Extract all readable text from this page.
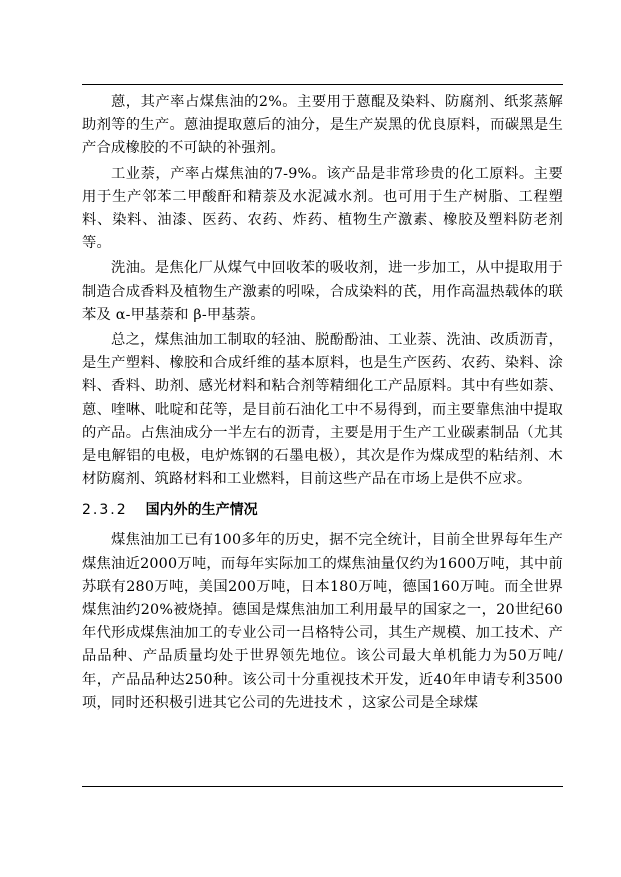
蒽，其产率占煤焦油的2%。主要用于蒽醌及染料、防腐剂、纸浆蒸解助剂等的生产。蒽油提取蒽后的油分，是生产炭黑的优良原料，而碳黑是生产合成橡胶的不可缺的补强剂。

工业萘，产率占煤焦油的7-9%。该产品是非常珍贵的化工原料。主要用于生产邻苯二甲酸酐和精萘及水泥减水剂。也可用于生产树脂、工程塑料、染料、油漆、医药、农药、炸药、植物生产激素、橡胶及塑料防老剂等。

洗油。是焦化厂从煤气中回收苯的吸收剂，进一步加工，从中提取用于制造合成香料及植物生产激素的吲哚，合成染料的芪，用作高温热载体的联苯及 α-甲基萘和 β-甲基萘。

总之，煤焦油加工制取的轻油、脱酚酚油、工业萘、洗油、改质沥青，是生产塑料、橡胶和合成纤维的基本原料，也是生产医药、农药、染料、涂料、香料、助剂、感光材料和粘合剂等精细化工产品原料。其中有些如萘、蒽、喹啉、吡啶和芘等，是目前石油化工中不易得到，而主要靠焦油中提取的产品。占焦油成分一半左右的沥青，主要是用于生产工业碳素制品（尤其是电解铝的电极，电炉炼钢的石墨电极），其次是作为煤成型的粘结剂、木材防腐剂、筑路材料和工业燃料，目前这些产品在市场上是供不应求。

2.3.2 国内外的生产情况

煤焦油加工已有100多年的历史，据不完全统计，目前全世界每年生产煤焦油近2000万吨，而每年实际加工的煤焦油量仅约为1600万吨，其中前苏联有280万吨，美国200万吨，日本180万吨，德国160万吨。而全世界煤焦油约20%被烧掉。德国是煤焦油加工利用最早的国家之一，20世纪60年代形成煤焦油加工的专业公司一吕格特公司，其生产规模、加工技术、产品品种、产品质量均处于世界领先地位。该公司最大单机能力为50万吨/年，产品品种达250种。该公司十分重视技术开发，近40年申请专利3500项，同时还积极引进其它公司的先进技术 ，这家公司是全球煤
